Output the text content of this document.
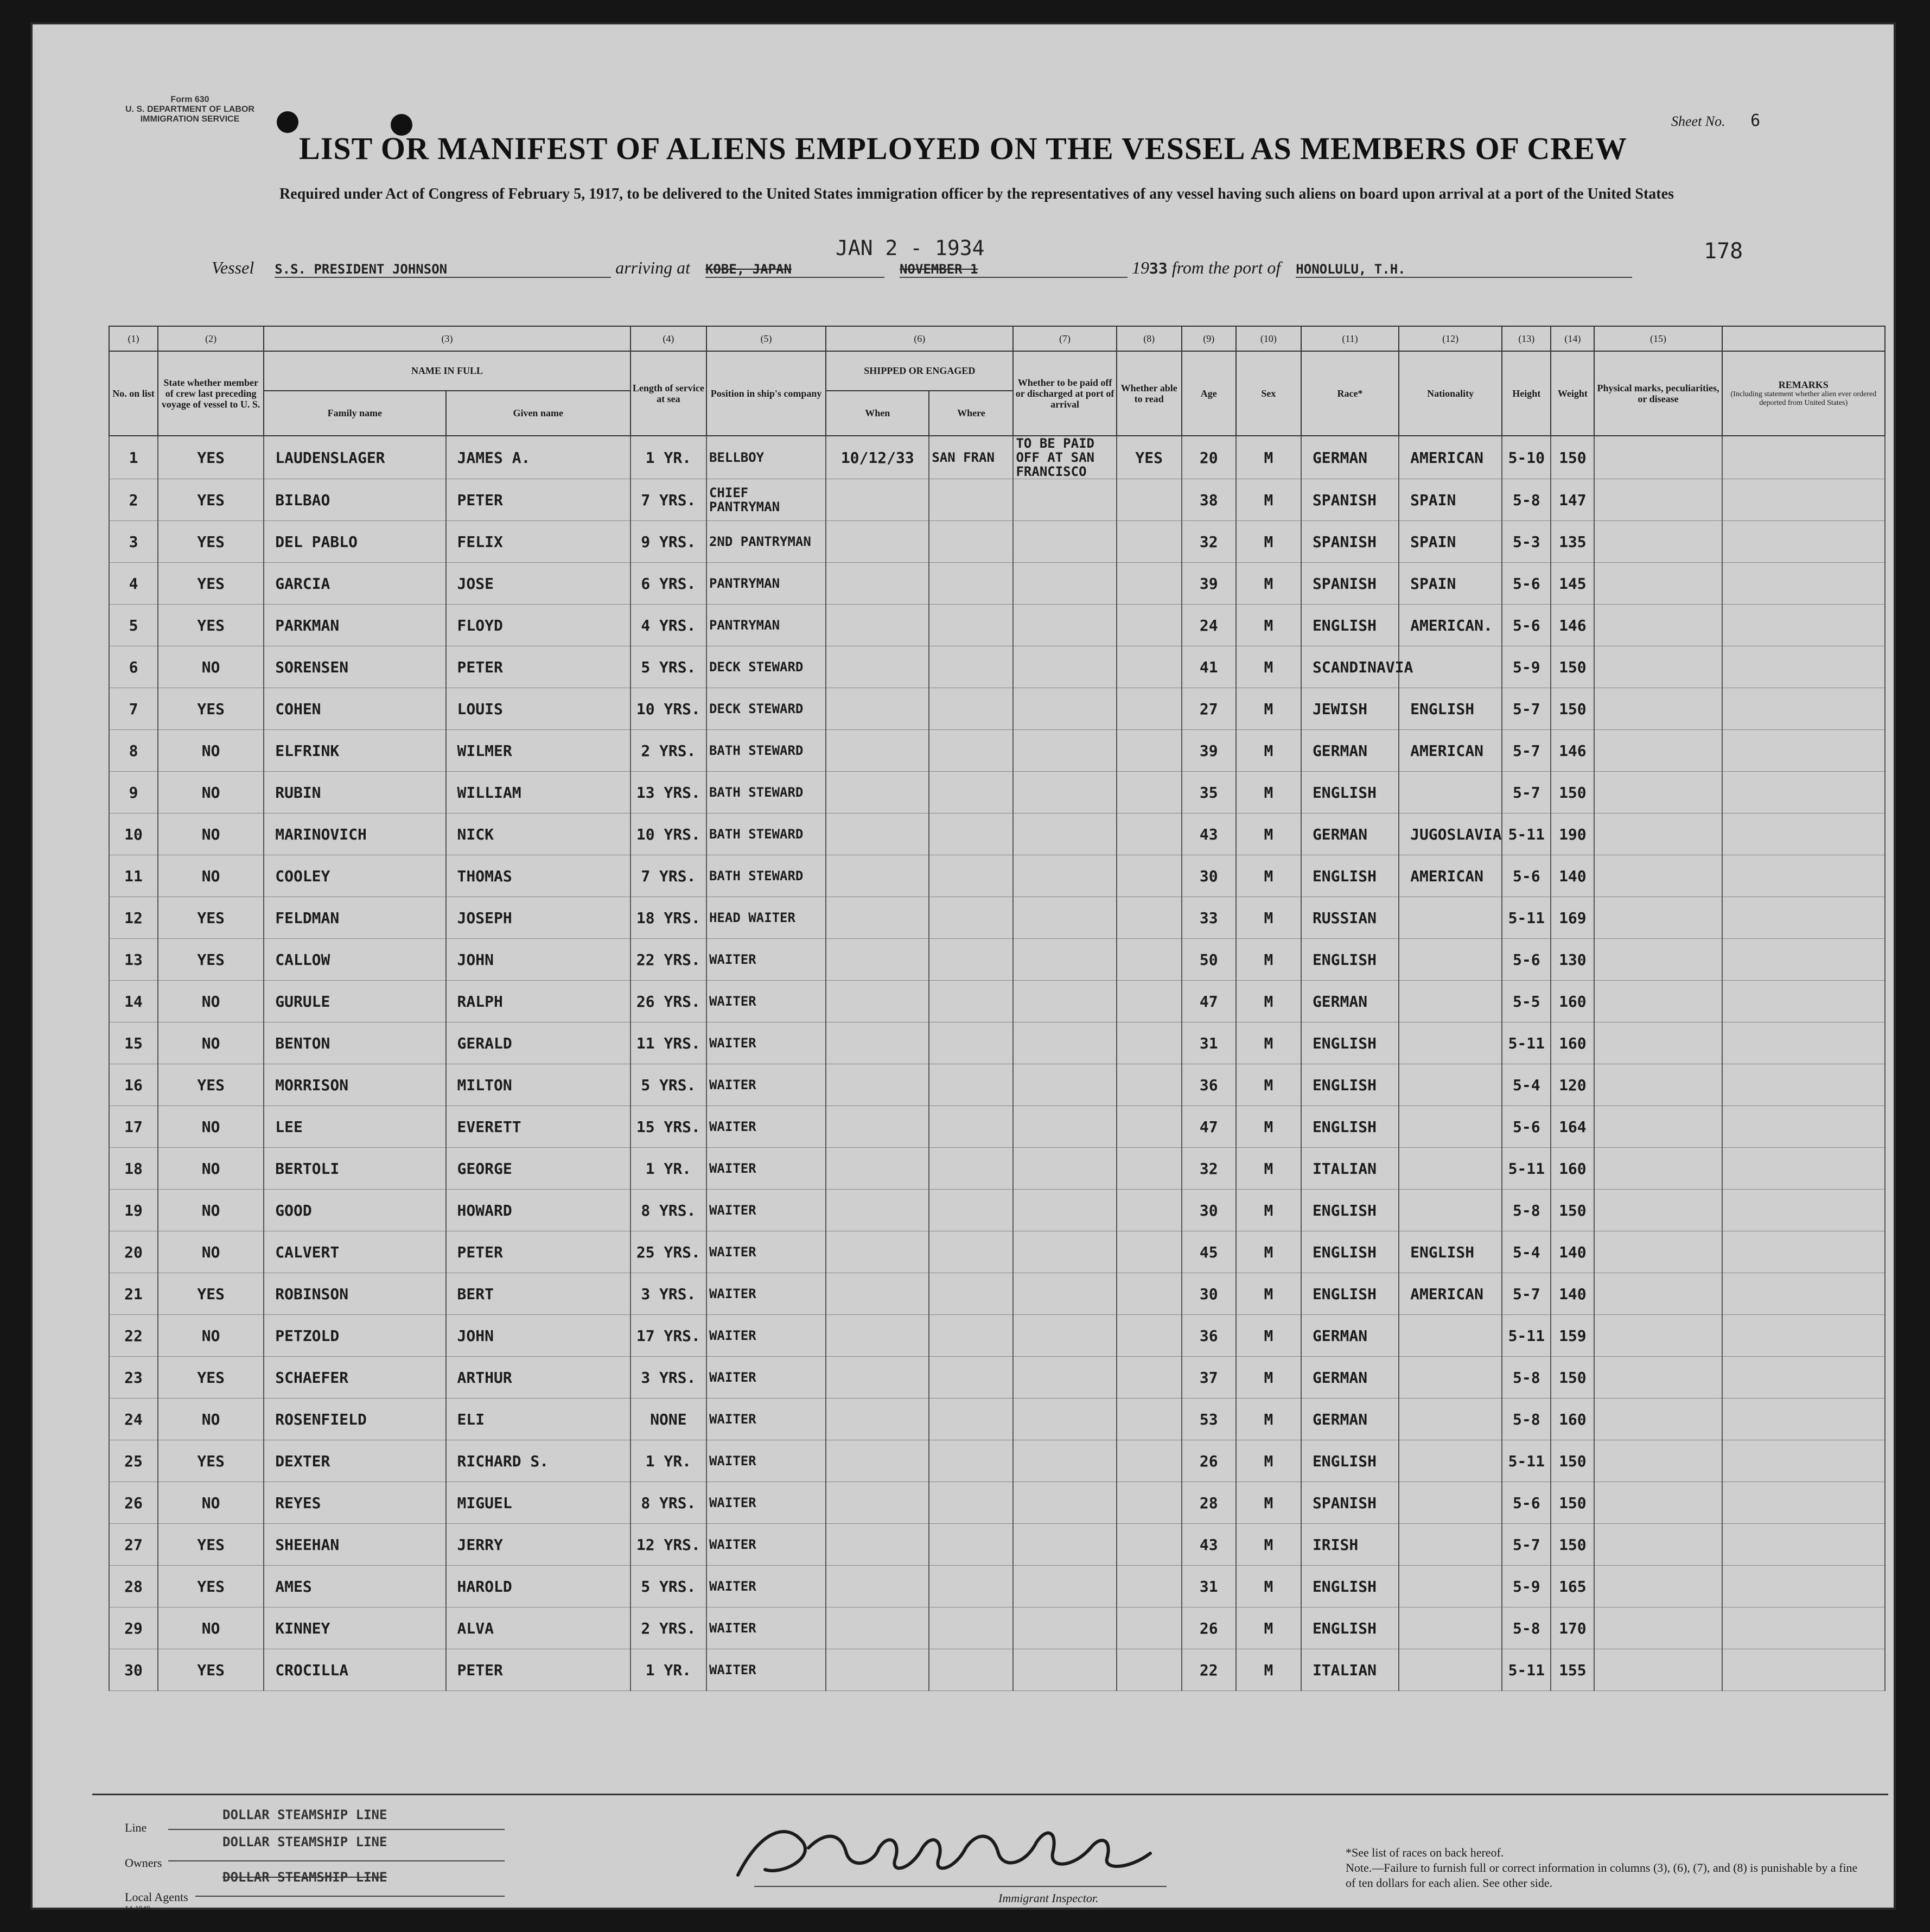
Form 630
U. S. DEPARTMENT OF LABOR
IMMIGRATION SERVICE	Sheet No. 6
LIST OR MANIFEST OF ALIENS EMPLOYED ON THE VESSEL AS MEMBERS OF CREW
Required under Act of Congress of February 5, 1917, to be delivered to the United States immigration officer by the representatives of any vessel having such aliens on board upon arrival at a port of the United States
JAN 2 - 1934	178
Vessel S.S. PRESIDENT JOHNSON	arriving at KOBE, JAPAN	NOVEMBER 1	1933 from the port of HONOLULU, T.H.
(1)	(2)	(3)		(4)	(5)	(6)		(7)	(8)	(9)	(10)	(11)	(12)	(13)	(14)	(15)	
No. on list	State whether member of crew last preceding voyage of vessel to U. S.	NAME IN FULL		Length of service at sea	Position in ship's company	SHIPPED OR ENGAGED		Whether to be paid off or discharged at port of arrival	Whether able to read	Age	Sex	Race*	Nationality	Height	Weight	Physical marks, peculiarities, or disease	REMARKS
(Including statement whether alien ever ordered deported from United States)

		Family name	Given name			When	Where										
1	YES	LAUDENSLAGER	JAMES A.	1 YR.	BELLBOY	10/12/33	SAN FRAN	TO BE PAID OFF AT SAN FRANCISCO	YES	20	M	GERMAN	AMERICAN	5-10	150		
2	YES	BILBAO	PETER	7 YRS.	CHIEF PANTRYMAN					38	M	SPANISH	SPAIN	5-8	147		
3	YES	DEL PABLO	FELIX	9 YRS.	2ND PANTRYMAN					32	M	SPANISH	SPAIN	5-3	135		
4	YES	GARCIA	JOSE	6 YRS.	PANTRYMAN					39	M	SPANISH	SPAIN	5-6	145		
5	YES	PARKMAN	FLOYD	4 YRS.	PANTRYMAN					24	M	ENGLISH	AMERICAN.	5-6	146		
6	NO	SORENSEN	PETER	5 YRS.	DECK STEWARD					41	M	SCANDINAVIA		5-9	150		
7	YES	COHEN	LOUIS	10 YRS.	DECK STEWARD					27	M	JEWISH	ENGLISH	5-7	150		
8	NO	ELFRINK	WILMER	2 YRS.	BATH STEWARD					39	M	GERMAN	AMERICAN	5-7	146		
9	NO	RUBIN	WILLIAM	13 YRS.	BATH STEWARD					35	M	ENGLISH		5-7	150		
10	NO	MARINOVICH	NICK	10 YRS.	BATH STEWARD					43	M	GERMAN	JUGOSLAVIA	5-11	190		
11	NO	COOLEY	THOMAS	7 YRS.	BATH STEWARD					30	M	ENGLISH	AMERICAN	5-6	140		
12	YES	FELDMAN	JOSEPH	18 YRS.	HEAD WAITER					33	M	RUSSIAN		5-11	169		
13	YES	CALLOW	JOHN	22 YRS.	WAITER					50	M	ENGLISH		5-6	130		
14	NO	GURULE	RALPH	26 YRS.	WAITER					47	M	GERMAN		5-5	160		
15	NO	BENTON	GERALD	11 YRS.	WAITER					31	M	ENGLISH		5-11	160		
16	YES	MORRISON	MILTON	5 YRS.	WAITER					36	M	ENGLISH		5-4	120		
17	NO	LEE	EVERETT	15 YRS.	WAITER					47	M	ENGLISH		5-6	164		
18	NO	BERTOLI	GEORGE	1 YR.	WAITER					32	M	ITALIAN		5-11	160		
19	NO	GOOD	HOWARD	8 YRS.	WAITER					30	M	ENGLISH		5-8	150		
20	NO	CALVERT	PETER	25 YRS.	WAITER					45	M	ENGLISH	ENGLISH	5-4	140		
21	YES	ROBINSON	BERT	3 YRS.	WAITER					30	M	ENGLISH	AMERICAN	5-7	140		
22	NO	PETZOLD	JOHN	17 YRS.	WAITER					36	M	GERMAN		5-11	159		
23	YES	SCHAEFER	ARTHUR	3 YRS.	WAITER					37	M	GERMAN		5-8	150		
24	NO	ROSENFIELD	ELI	NONE	WAITER					53	M	GERMAN		5-8	160		
25	YES	DEXTER	RICHARD S.	1 YR.	WAITER					26	M	ENGLISH		5-11	150		
26	NO	REYES	MIGUEL	8 YRS.	WAITER					28	M	SPANISH		5-6	150		
27	YES	SHEEHAN	JERRY	12 YRS.	WAITER					43	M	IRISH		5-7	150		
28	YES	AMES	HAROLD	5 YRS.	WAITER					31	M	ENGLISH		5-9	165		
29	NO	KINNEY	ALVA	2 YRS.	WAITER					26	M	ENGLISH		5-8	170		
30	YES	CROCILLA	PETER	1 YR.	WAITER					22	M	ITALIAN		5-11	155		
Line
DOLLAR STEAMSHIP LINE
Owners
DOLLAR STEAMSHIP LINE
Local Agents
14-1940
DOLLAR STEAMSHIP LINE
Immigrant Inspector.
*See list of races on back hereof.
Note.—Failure to furnish full or correct information in columns (3), (6), (7), and (8) is punishable by a fine of ten dollars for each alien. See other side.
